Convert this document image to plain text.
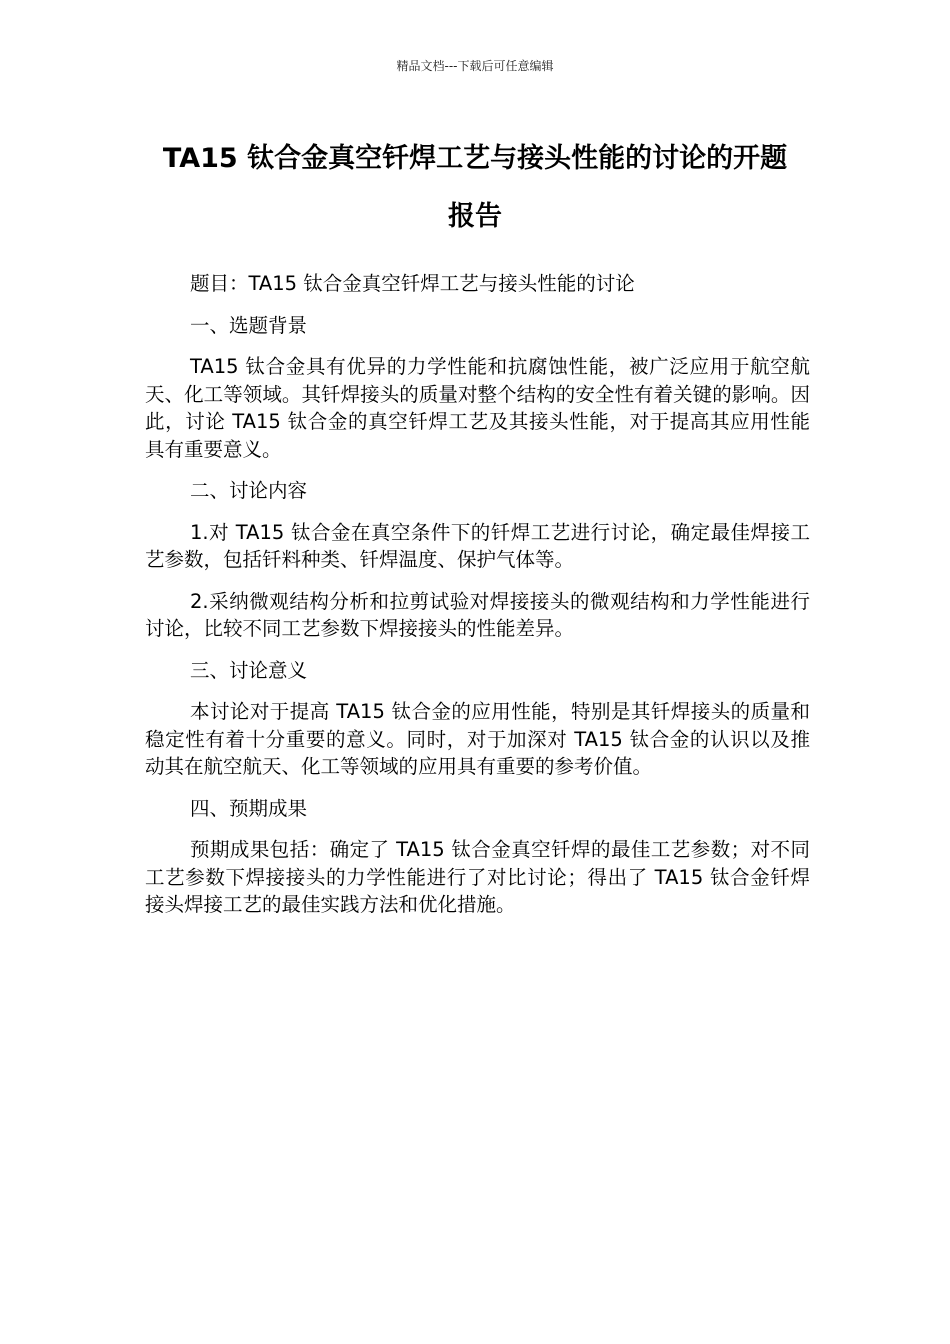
精品文档---下载后可任意编辑
TA15 钛合金真空钎焊工艺与接头性能的讨论的开题
报告

题目：TA15 钛合金真空钎焊工艺与接头性能的讨论

一、选题背景

TA15 钛合金具有优异的力学性能和抗腐蚀性能，被广泛应用于航空航天、化工等领域。其钎焊接头的质量对整个结构的安全性有着关键的影响。因此，讨论 TA15 钛合金的真空钎焊工艺及其接头性能，对于提高其应用性能具有重要意义。

二、讨论内容

1.对 TA15 钛合金在真空条件下的钎焊工艺进行讨论，确定最佳焊接工艺参数，包括钎料种类、钎焊温度、保护气体等。

2.采纳微观结构分析和拉剪试验对焊接接头的微观结构和力学性能进行讨论，比较不同工艺参数下焊接接头的性能差异。

三、讨论意义

本讨论对于提高 TA15 钛合金的应用性能，特别是其钎焊接头的质量和稳定性有着十分重要的意义。同时，对于加深对 TA15 钛合金的认识以及推动其在航空航天、化工等领域的应用具有重要的参考价值。

四、预期成果

预期成果包括：确定了 TA15 钛合金真空钎焊的最佳工艺参数；对不同工艺参数下焊接接头的力学性能进行了对比讨论；得出了 TA15 钛合金钎焊接头焊接工艺的最佳实践方法和优化措施。
